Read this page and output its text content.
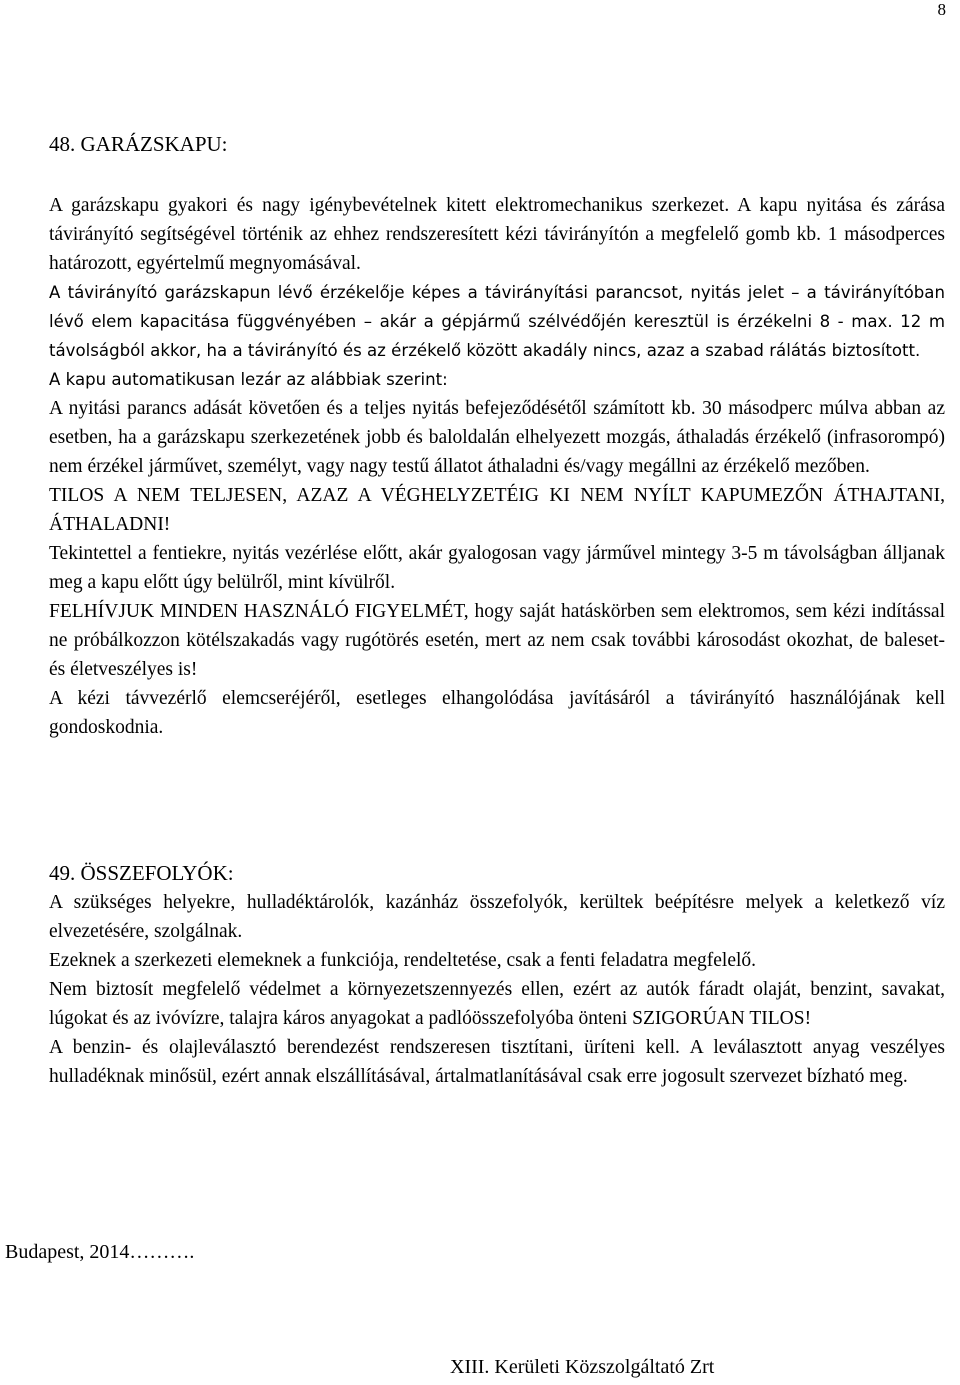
8
48. GARÁZSKAPU:

A garázskapu gyakori és nagy igénybevételnek kitett elektromechanikus szerkezet. A kapu nyitása és zárása távirányító segítségével történik az ehhez rendszeresített kézi távirányítón a megfelelő gomb kb. 1 másodperces határozott, egyértelmű megnyomásával.

A távirányító garázskapun lévő érzékelője képes a távirányítási parancsot, nyitás jelet – a távirányítóban lévő elem kapacitása függvényében – akár a gépjármű szélvédőjén keresztül is érzékelni 8 - max. 12 m távolságból akkor, ha a távirányító és az érzékelő között akadály nincs, azaz a szabad rálátás biztosított.

A kapu automatikusan lezár az alábbiak szerint:

A nyitási parancs adását követően és a teljes nyitás befejeződésétől számított kb. 30 másodperc múlva abban az esetben, ha a garázskapu szerkezetének jobb és baloldalán elhelyezett mozgás, áthaladás érzékelő (infrasorompó) nem érzékel járművet, személyt, vagy nagy testű állatot áthaladni és/vagy megállni az érzékelő mezőben.

TILOS A NEM TELJESEN, AZAZ A VÉGHELYZETÉIG KI NEM NYÍLT KAPUMEZŐN ÁTHAJTANI, ÁTHALADNI!

Tekintettel a fentiekre, nyitás vezérlése előtt, akár gyalogosan vagy járművel mintegy 3-5 m távolságban álljanak meg a kapu előtt úgy belülről, mint kívülről.

FELHÍVJUK MINDEN HASZNÁLÓ FIGYELMÉT, hogy saját hatáskörben sem elektromos, sem kézi indítással ne próbálkozzon kötélszakadás vagy rugótörés esetén, mert az nem csak további károsodást okozhat, de baleset- és életveszélyes is!

A kézi távvezérlő elemcseréjéről, esetleges elhangolódása javításáról a távirányító használójának kell gondoskodnia.

49. ÖSSZEFOLYÓK:

A szükséges helyekre, hulladéktárolók, kazánház összefolyók, kerültek beépítésre melyek a keletkező víz elvezetésére, szolgálnak.

Ezeknek a szerkezeti elemeknek a funkciója, rendeltetése, csak a fenti feladatra megfelelő.

Nem biztosít megfelelő védelmet a környezetszennyezés ellen, ezért az autók fáradt olaját, benzint, savakat, lúgokat és az ivóvízre, talajra káros anyagokat a padlóösszefolyóba önteni SZIGORÚAN TILOS!

A benzin- és olajleválasztó berendezést rendszeresen tisztítani, üríteni kell. A leválasztott anyag veszélyes hulladéknak minősül, ezért annak elszállításával, ártalmatlanításával csak erre jogosult szervezet bízható meg.

Budapest, 2014……….
XIII. Kerületi Közszolgáltató Zrt
